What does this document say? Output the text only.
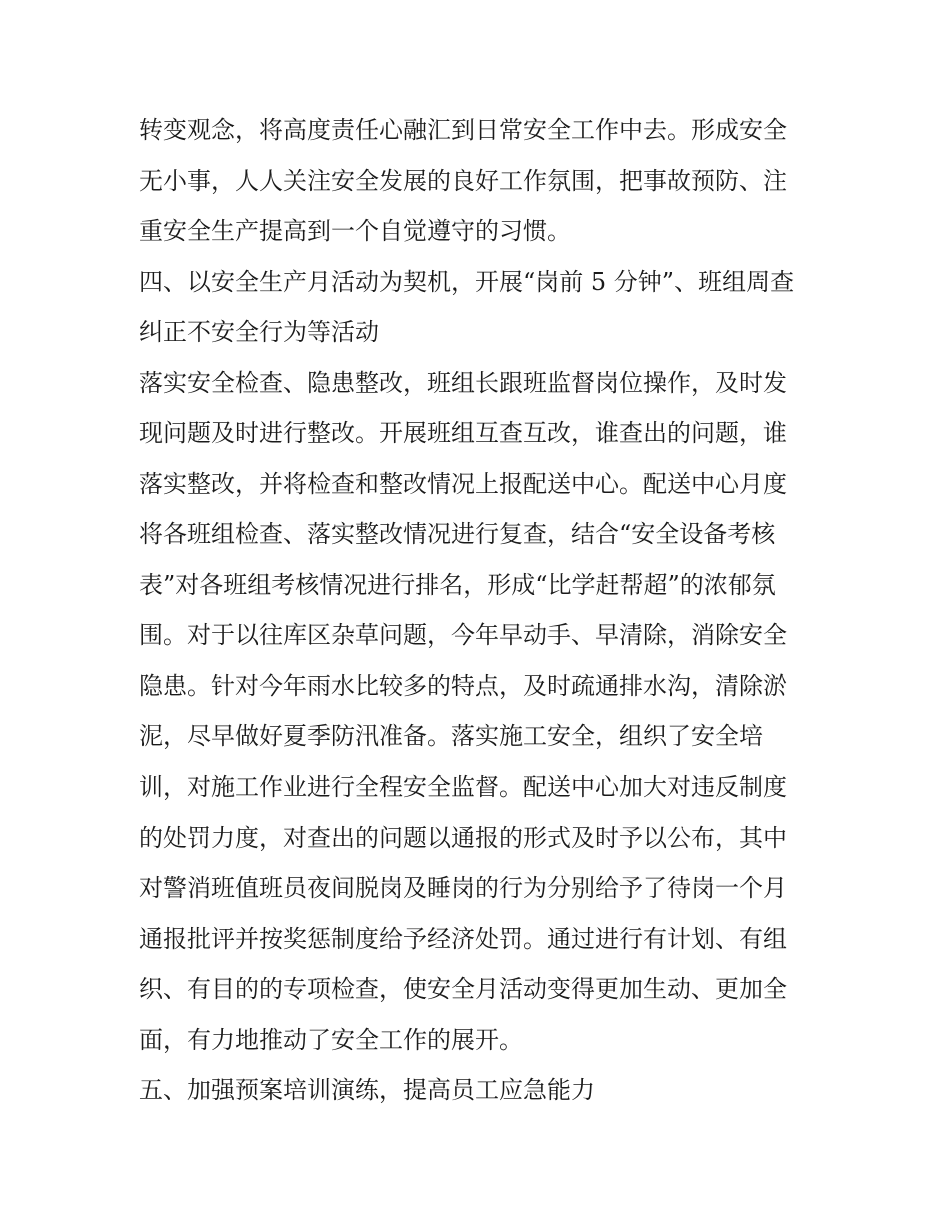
转变观念，将高度责任心融汇到日常安全工作中去。形成安全
无小事，人人关注安全发展的良好工作氛围，把事故预防、注
重安全生产提高到一个自觉遵守的习惯。
四、以安全生产月活动为契机，开展“岗前 5 分钟”、班组周查
纠正不安全行为等活动
落实安全检查、隐患整改，班组长跟班监督岗位操作，及时发
现问题及时进行整改。开展班组互查互改，谁查出的问题，谁
落实整改，并将检查和整改情况上报配送中心。配送中心月度
将各班组检查、落实整改情况进行复查，结合“安全设备考核
表”对各班组考核情况进行排名，形成“比学赶帮超”的浓郁氛
围。对于以往库区杂草问题，今年早动手、早清除，消除安全
隐患。针对今年雨水比较多的特点，及时疏通排水沟，清除淤
泥，尽早做好夏季防汛准备。落实施工安全，组织了安全培
训，对施工作业进行全程安全监督。配送中心加大对违反制度
的处罚力度，对查出的问题以通报的形式及时予以公布，其中
对警消班值班员夜间脱岗及睡岗的行为分别给予了待岗一个月
通报批评并按奖惩制度给予经济处罚。通过进行有计划、有组
织、有目的的专项检查，使安全月活动变得更加生动、更加全
面，有力地推动了安全工作的展开。
五、加强预案培训演练，提高员工应急能力
